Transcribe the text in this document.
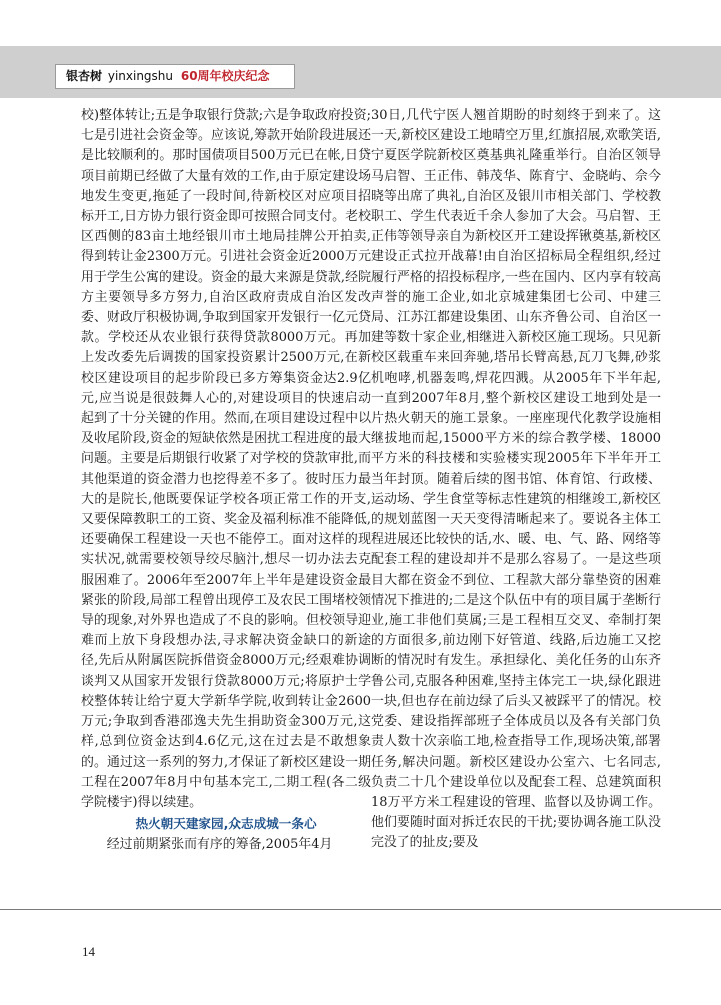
银杏树 yinxingshu 60周年校庆纪念

校)整体转让;五是争取银行贷款;六是争取政府投资;七是引进社会资金等。应该说,筹款开始阶段进展还是比较顺利的。那时国债项目500万元已在帐,日贷项目前期已经做了大量有效的工作,由于原定建设场地发生变更,拖延了一段时间,待新校区对应项目招标开工,日方协力银行资金即可按照合同支付。老校区西侧的83亩土地经银川市土地局挂牌公开拍卖,得到转让金2300万元。引进社会资金近2000万元用于学生公寓的建设。资金的最大来源是贷款,经院方主要领导多方努力,自治区政府责成自治区发改委、财政厅积极协调,争取到国家开发银行一亿元贷款。学校还从农业银行获得贷款8000万元。再加上发改委先后调拨的国家投资累计2500万元,在新校区建设项目的起步阶段已多方筹集资金达2.9亿元,应当说是很鼓舞人心的,对建设项目的快速启动起到了十分关键的作用。然而,在项目建设过程中以及收尾阶段,资金的短缺依然是困扰工程进度的最大问题。主要是后期银行收紧了对学校的贷款审批,而其他渠道的资金潜力也挖得差不多了。彼时压力最大的是院长,他既要保证学校各项正常工作的开支,又要保障教职工的工资、奖金及福利标准不能降低,还要确保工程建设一天也不能停工。面对这样的现实状况,就需要校领导绞尽脑汁,想尽一切办法去克服困难了。2006年至2007年上半年是建设资金最紧张的阶段,局部工程曾出现停工及农民工围堵校领导的现象,对外界也造成了不良的影响。但校领导迎难而上放下身段想办法,寻求解决资金缺口的新途径,先后从附属医院拆借资金8000万元;经艰难协调谈判又从国家开发银行贷款8000万元;将原护士学校整体转让给宁夏大学新华学院,收到转让金2600万元;争取到香港邵逸夫先生捐助资金300万元,这样,总到位资金达到4.6亿元,这在过去是不敢想象的。通过这一系列的努力,才保证了新校区建设一期工程在2007年8月中旬基本完工,二期工程(各二级学院楼宇)得以续建。

热火朝天建家园,众志成城一条心

经过前期紧张而有序的筹备,2005年4月

30日,几代宁医人翘首期盼的时刻终于到来了。这一天,新校区建设工地晴空万里,红旗招展,欢歌笑语,宁夏医学院新校区奠基典礼隆重举行。自治区领导马启智、王正伟、韩茂华、陈育宁、金晓屿、佘今晓等出席了典礼,自治区及银川市相关部门、学校教职工、学生代表近千余人参加了大会。马启智、王正伟等领导亲自为新校区开工建设挥锹奠基,新校区建设正式拉开战幕!由自治区招标局全程组织,经过履行严格的招投标程序,一些在国内、区内享有较高声誉的施工企业,如北京城建集团七公司、中建三局、江苏江都建设集团、山东齐鲁公司、自治区一建等数十家企业,相继进入新校区施工现场。只见新校区载重车来回奔驰,塔吊长臂高悬,瓦刀飞舞,砂浆机咆哮,机器轰鸣,焊花四溅。从2005年下半年起,一直到2007年8月,整个新校区建设工地到处是一片热火朝天的施工景象。一座座现代化教学设施相继拔地而起,15000平方米的综合教学楼、18000平方米的科技楼和实验楼实现2005年下半年开工当年封顶。随着后续的图书馆、体育馆、行政楼、运动场、学生食堂等标志性建筑的相继竣工,新校区的规划蓝图一天天变得清晰起来了。要说各主体工程进展还比较快的话,水、暖、电、气、路、网络等配套工程的建设却并不是那么容易了。一是这些项目大都在资金不到位、工程款大部分靠垫资的困难情况下推进的;二是这个队伍中有的项目属于垄断行业,施工非他们莫属;三是工程相互交叉、牵制打架的方面很多,前边刚下好管道、线路,后边施工又挖断的情况时有发生。承担绿化、美化任务的山东齐鲁公司,克服各种困难,坚持主体完工一块,绿化跟进一块,但也存在前边绿了后头又被踩平了的情况。校党委、建设指挥部班子全体成员以及各有关部门负责人数十次亲临工地,检查指导工作,现场决策,部署任务,解决问题。新校区建设办公室六、七名同志,负责二十几个建设单位以及配套工程、总建筑面积18万平方米工程建设的管理、监督以及协调工作。他们要随时面对拆迁农民的干扰;要协调各施工队没完没了的扯皮;要及

14
